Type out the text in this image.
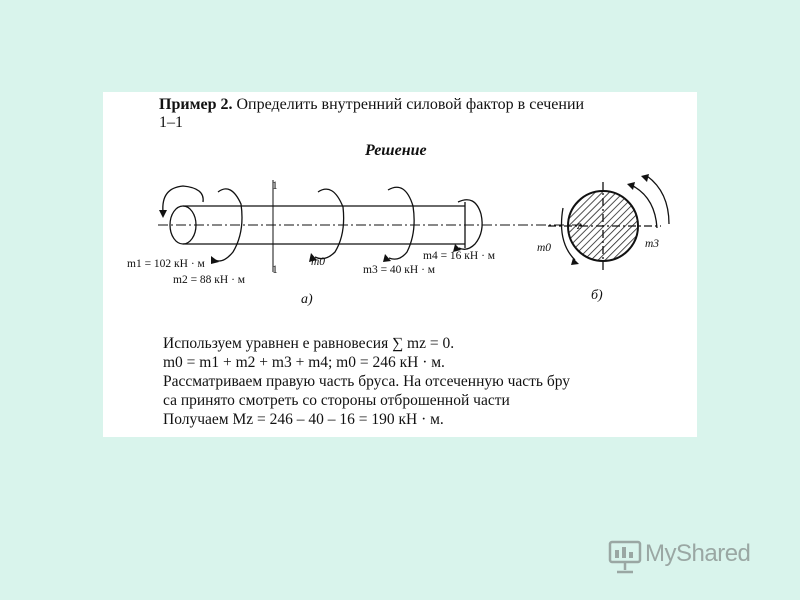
Пример 2. Определить внутренний силовой фактор в сечении
1–1
Решение
1
1
m0
m1 = 102 кН · м
m2 = 88 кН · м
m3 = 40 кН · м
m4 = 16 кН · м
а)
m0	m3
б)
Используем уравнен е равновесия ∑ mz = 0.
m0 = m1 + m2 + m3 + m4; m0 = 246 кН · м.
Рассматриваем правую часть бруса. На отсеченную часть бру
са принято смотреть со стороны отброшенной части
Получаем Mz = 246 – 40 – 16 = 190 кН · м.
MyShared
